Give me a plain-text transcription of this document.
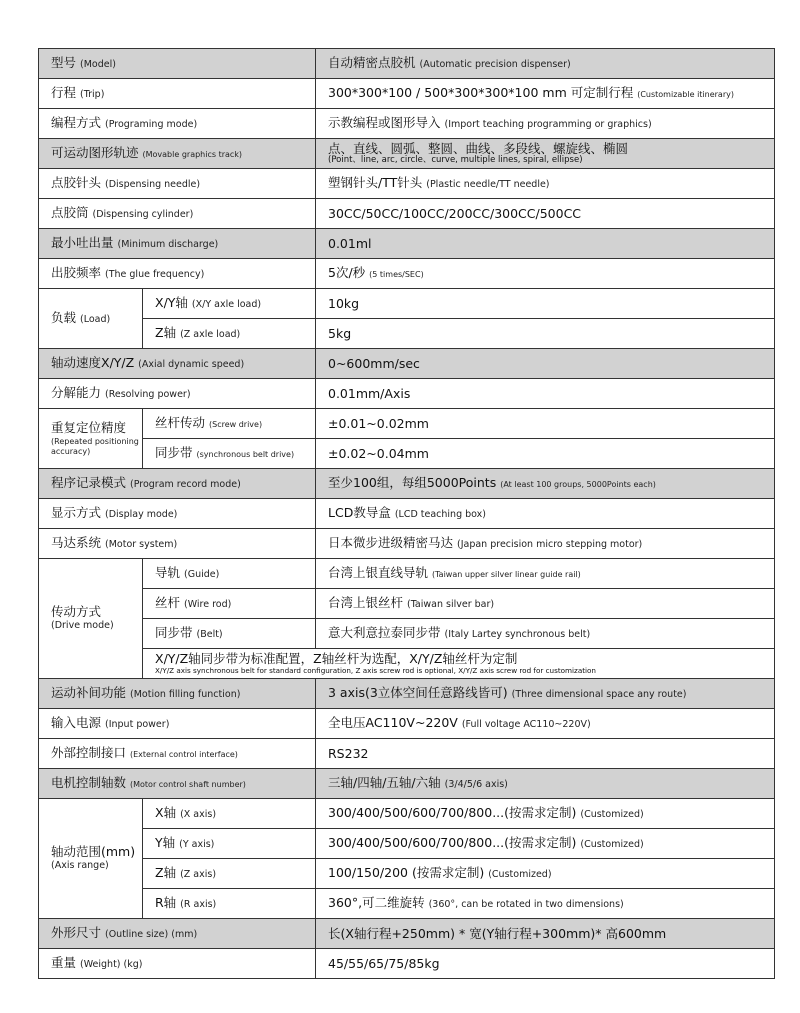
型号 (Model)		自动精密点胶机 (Automatic precision dispenser)
行程 (Trip)		300*300*100 / 500*300*300*100 mm 可定制行程 (Customizable itinerary)
编程方式 (Programing mode)		示教编程或图形导入 (Import teaching programming or graphics)
可运动图形轨迹 (Movable graphics track)		点、直线、圆弧、整圆、曲线、多段线、螺旋线、椭圆
(Point、line, arc, circle、curve, multiple lines, spiral, ellipse)

点胶针头 (Dispensing needle)		塑钢针头/TT针头 (Plastic needle/TT needle)
点胶筒 (Dispensing cylinder)		30CC/50CC/100CC/200CC/300CC/500CC
最小吐出量 (Minimum discharge)		0.01ml
出胶频率 (The glue frequency)		5次/秒 (5 times/SEC)
负载 (Load)	X/Y轴 (X/Y axle load)	10kg
	Z轴 (Z axle load)	5kg
轴动速度X/Y/Z (Axial dynamic speed)		0~600mm/sec
分解能力 (Resolving power)		0.01mm/Axis
重复定位精度
(Repeated positioning accuracy)	丝杆传动 (Screw drive)	±0.01~0.02mm
	同步带 (synchronous belt drive)	±0.02~0.04mm
程序记录模式 (Program record mode)		至少100组，每组5000Points (At least 100 groups, 5000Points each)
显示方式 (Display mode)		LCD教导盒 (LCD teaching box)
马达系统 (Motor system)		日本微步进级精密马达 (Japan precision micro stepping motor)

传动方式
(Drive mode)	导轨 (Guide)	台湾上银直线导轨 (Taiwan upper silver linear guide rail)
	丝杆 (Wire rod)	台湾上银丝杆 (Taiwan silver bar)
	同步带 (Belt)	意大利意拉泰同步带 (Italy Lartey synchronous belt)

	X/Y/Z轴同步带为标准配置，Z轴丝杆为选配，X/Y/Z轴丝杆为定制
X/Y/Z axis synchronous belt for standard configuration, Z axis screw rod is optional, X/Y/Z axis screw rod for customization	

运动补间功能 (Motion filling function)		3 axis(3立体空间任意路线皆可) (Three dimensional space any route)
输入电源 (Input power)		全电压AC110V~220V (Full voltage AC110~220V)
外部控制接口 (External control interface)		RS232
电机控制轴数 (Motor control shaft number)		三轴/四轴/五轴/六轴 (3/4/5/6 axis)

轴动范围(mm)
(Axis range)	X轴 (X axis)	300/400/500/600/700/800...(按需求定制) (Customized)
	Y轴 (Y axis)	300/400/500/600/700/800...(按需求定制) (Customized)
	Z轴 (Z axis)	100/150/200 (按需求定制) (Customized)
	R轴 (R axis)	360°,可二维旋转 (360°, can be rotated in two dimensions)
外形尺寸 (Outline size) (mm)		长(X轴行程+250mm) * 宽(Y轴行程+300mm)* 高600mm
重量 (Weight) (kg)		45/55/65/75/85kg
